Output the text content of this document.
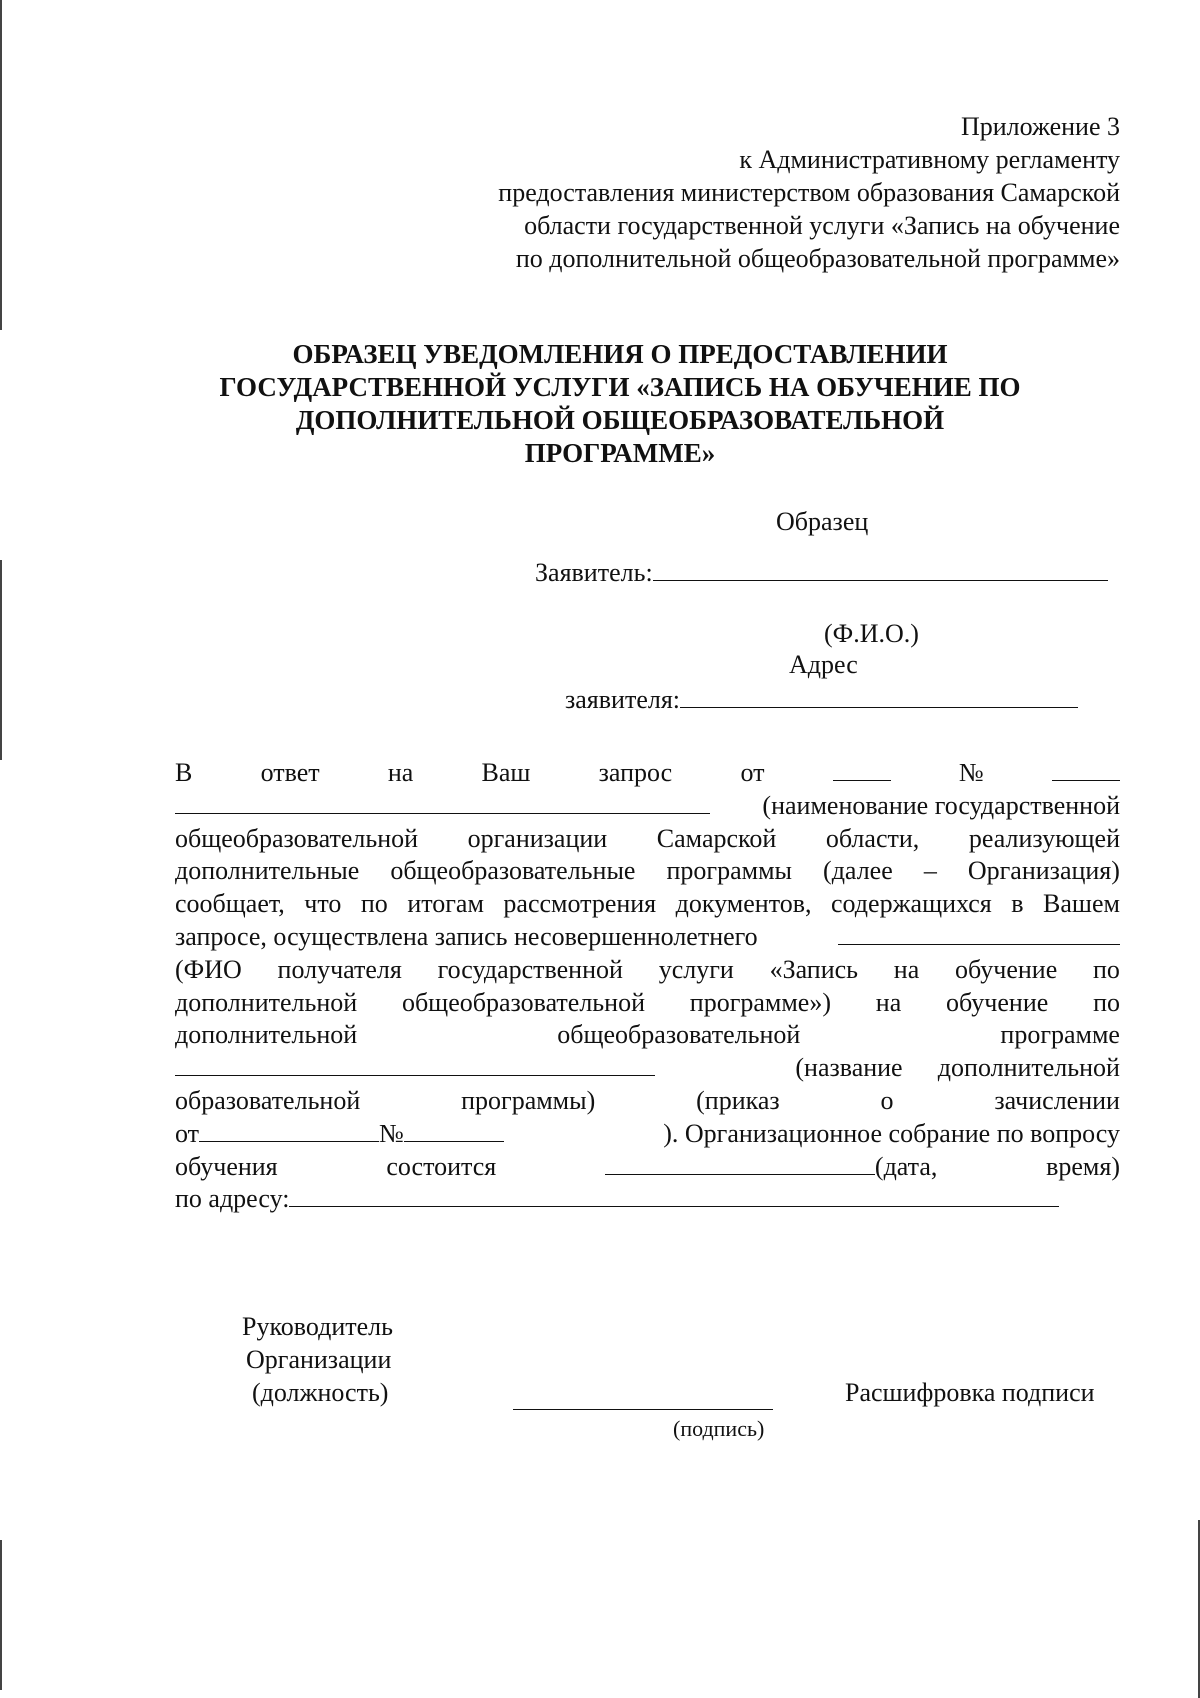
Приложение 3
к Административному регламенту
предоставления министерством образования Самарской
области государственной услуги «Запись на обучение
по дополнительной общеобразовательной программе»
ОБРАЗЕЦ УВЕДОМЛЕНИЯ О ПРЕДОСТАВЛЕНИИ
ГОСУДАРСТВЕННОЙ УСЛУГИ «ЗАПИСЬ НА ОБУЧЕНИЕ ПО
ДОПОЛНИТЕЛЬНОЙ ОБЩЕОБРАЗОВАТЕЛЬНОЙ
ПРОГРАММЕ»
Образец
Заявитель:
(Ф.И.О.)
Адрес
заявителя:
В	ответ	на	Ваш	запрос	от	№
(наименование государственной
общеобразовательной организации Самарской области, реализующей
дополнительные общеобразовательные программы (далее – Организация)
сообщает, что по итогам рассмотрения документов, содержащихся в Вашем
запросе, осуществлена запись несовершеннолетнего
(ФИО получателя государственной услуги «Запись на обучение по
дополнительной общеобразовательной программе») на обучение по
дополнительной	общеобразовательной	программе
(название дополнительной
образовательной	программы)	(приказ	о	зачислении
от	№	). Организационное собрание по вопросу
обучения	состоится	(дата,	время)
по адресу:
Руководитель
Организации
(должность)
(подпись)
Расшифровка подписи
